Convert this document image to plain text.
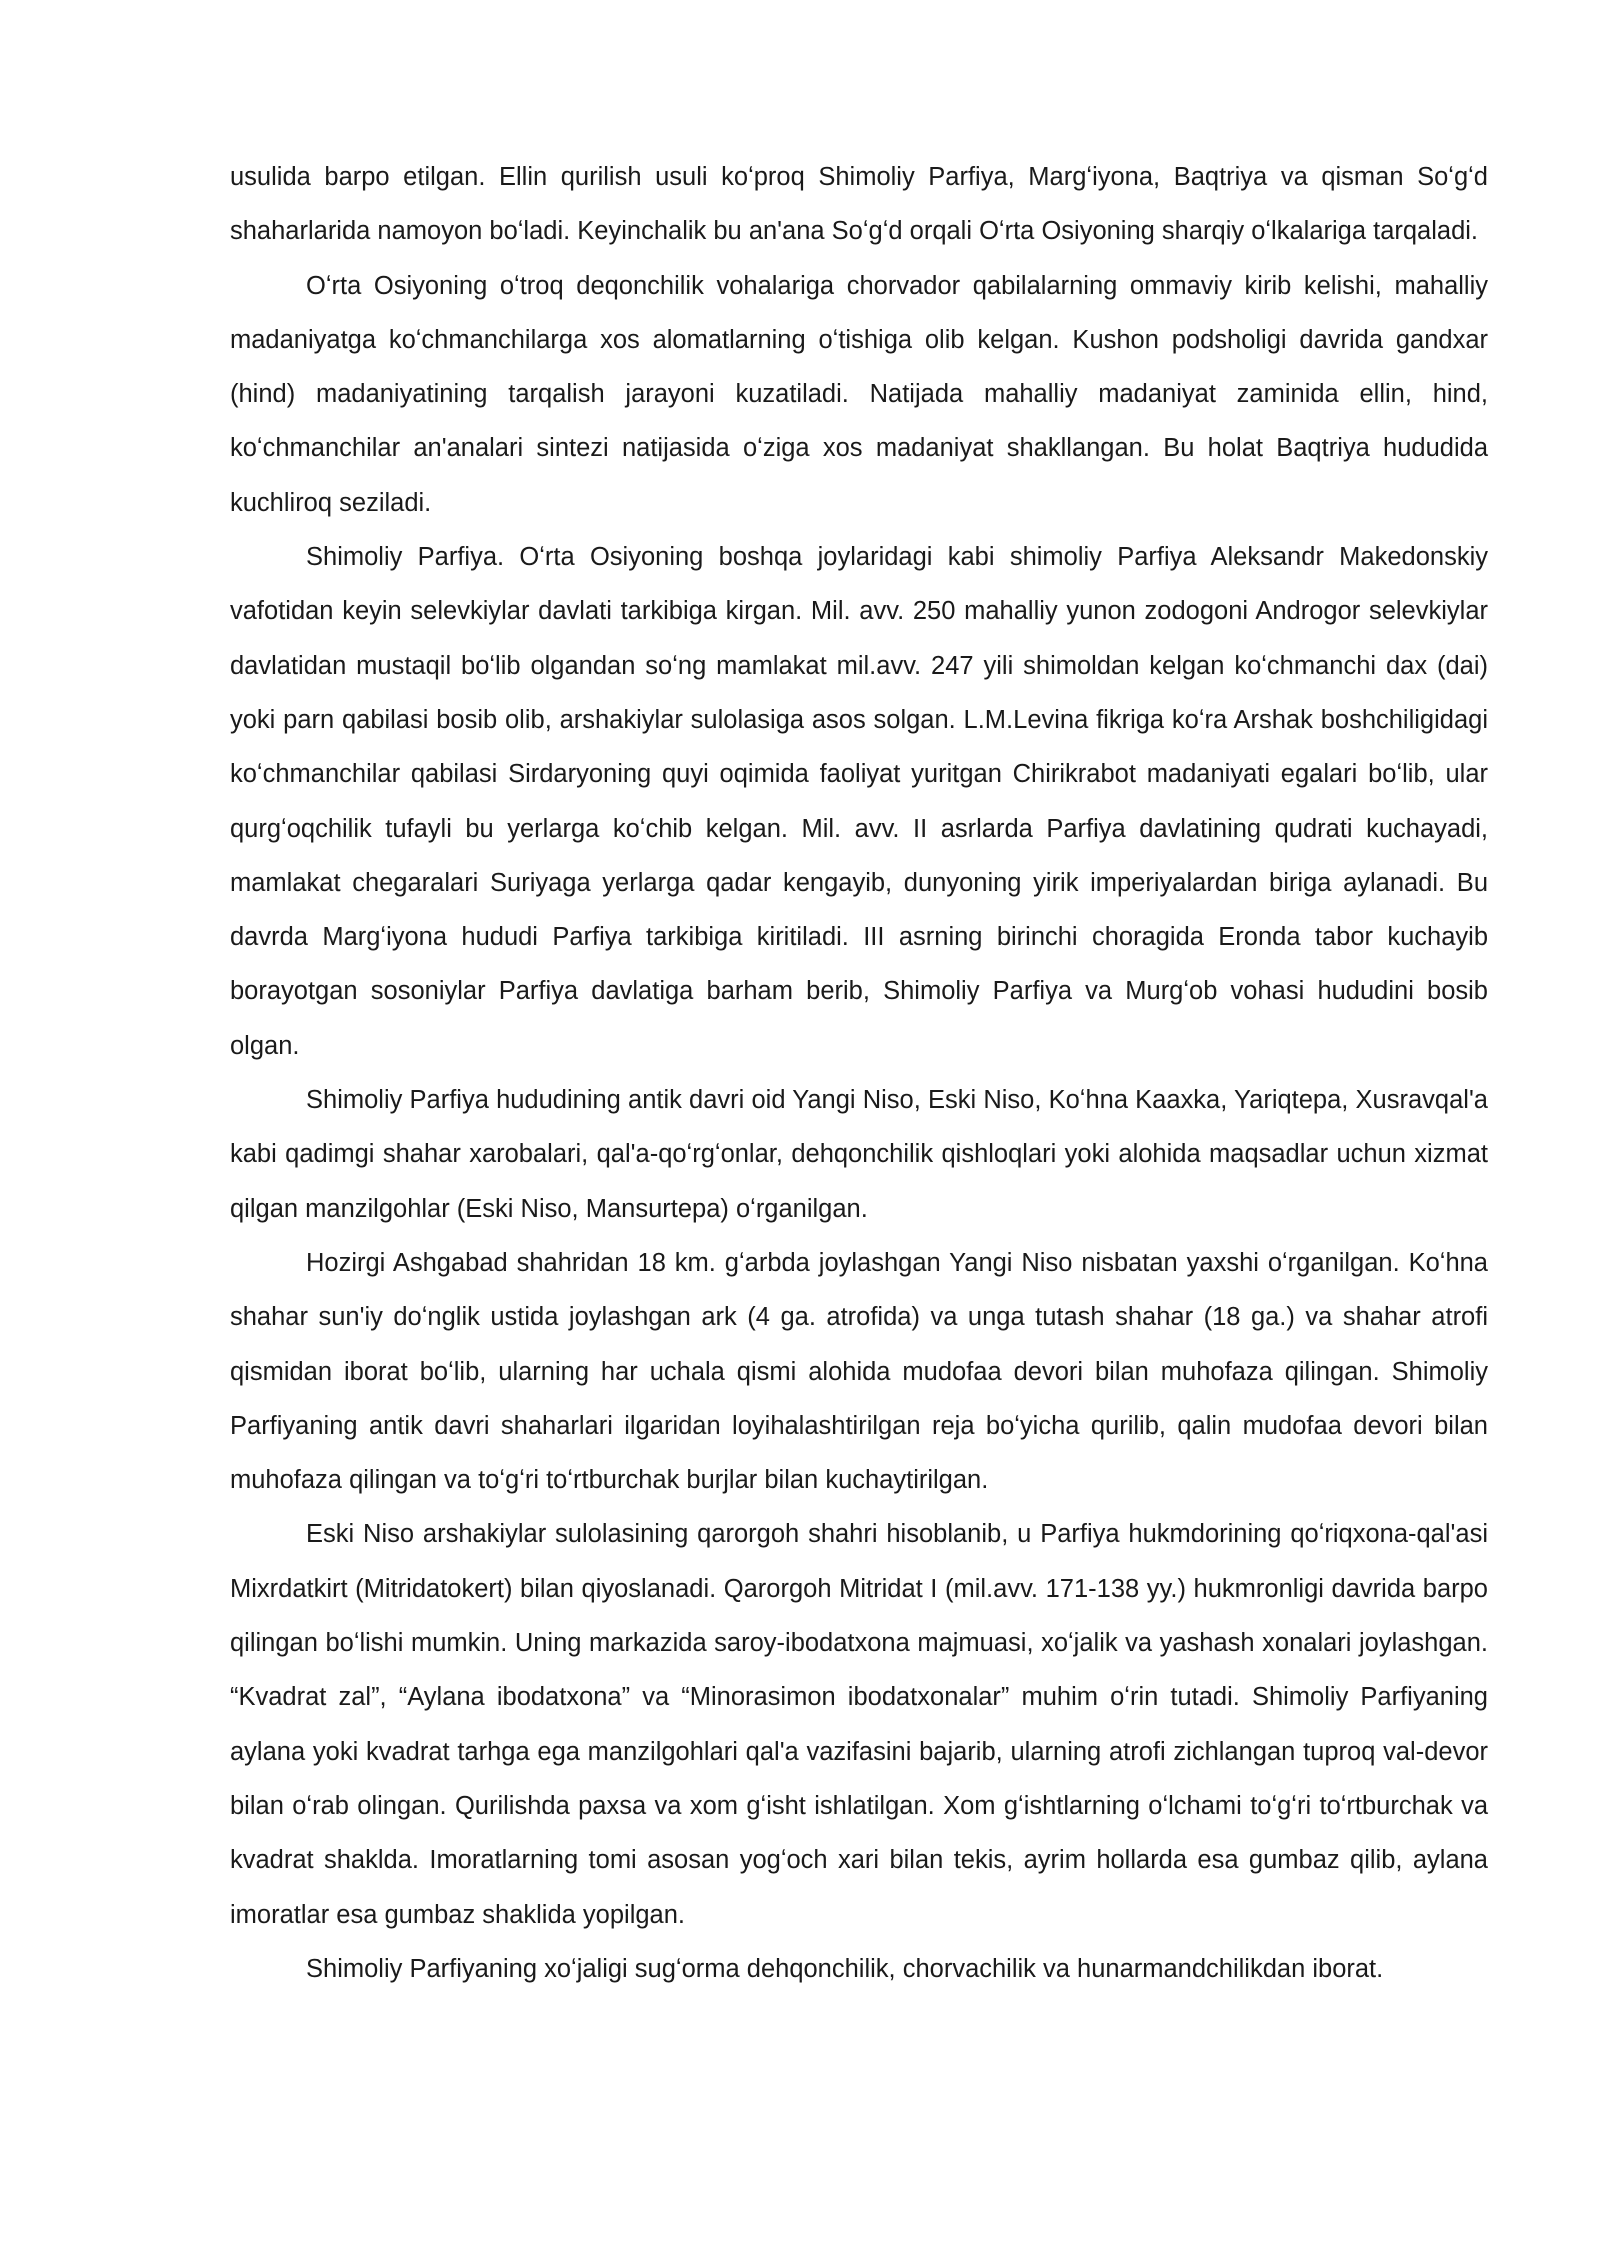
usulida barpo etilgan. Ellin qurilish usuli koʻproq Shimoliy Parfiya, Margʻiyona, Baqtriya va qisman Soʻgʻd shaharlarida namoyon boʻladi. Keyinchalik bu an'ana Soʻgʻd orqali Oʻrta Osiyoning sharqiy oʻlkalariga tarqaladi.

Oʻrta Osiyoning oʻtroq deqonchilik vohalariga chorvador qabilalarning ommaviy kirib kelishi, mahalliy madaniyatga koʻchmanchilarga xos alomatlarning oʻtishiga olib kelgan. Kushon podsholigi davrida gandxar (hind) madaniyatining tarqalish jarayoni kuzatiladi. Natijada mahalliy madaniyat zaminida ellin, hind, koʻchmanchilar an'analari sintezi natijasida oʻziga xos madaniyat shakllangan. Bu holat Baqtriya hududida kuchliroq seziladi.

Shimoliy Parfiya. Oʻrta Osiyoning boshqa joylaridagi kabi shimoliy Parfiya Aleksandr Makedonskiy vafotidan keyin selevkiylar davlati tarkibiga kirgan. Mil. avv. 250 mahalliy yunon zodogoni Androgor selevkiylar davlatidan mustaqil boʻlib olgandan soʻng mamlakat mil.avv. 247 yili shimoldan kelgan koʻchmanchi dax (dai) yoki parn qabilasi bosib olib, arshakiylar sulolasiga asos solgan. L.M.Levina fikriga koʻra Arshak boshchiligidagi koʻchmanchilar qabilasi Sirdaryoning quyi oqimida faoliyat yuritgan Chirikrabot madaniyati egalari boʻlib, ular qurgʻoqchilik tufayli bu yerlarga koʻchib kelgan. Mil. avv. II asrlarda Parfiya davlatining qudrati kuchayadi, mamlakat chegaralari Suriyaga yerlarga qadar kengayib, dunyoning yirik imperiyalardan biriga aylanadi. Bu davrda Margʻiyona hududi Parfiya tarkibiga kiritiladi. III asrning birinchi choragida Eronda tabor kuchayib borayotgan sosoniylar Parfiya davlatiga barham berib, Shimoliy Parfiya va Murgʻob vohasi hududini bosib olgan.

Shimoliy Parfiya hududining antik davri oid Yangi Niso, Eski Niso, Koʻhna Kaaxka, Yariqtepa, Xusravqal'a kabi qadimgi shahar xarobalari, qal'a-qoʻrgʻonlar, dehqonchilik qishloqlari yoki alohida maqsadlar uchun xizmat qilgan manzilgohlar (Eski Niso, Mansurtepa) oʻrganilgan.

Hozirgi Ashgabad shahridan 18 km. gʻarbda joylashgan Yangi Niso nisbatan yaxshi oʻrganilgan. Koʻhna shahar sun'iy doʻnglik ustida joylashgan ark (4 ga. atrofida) va unga tutash shahar (18 ga.) va shahar atrofi qismidan iborat boʻlib, ularning har uchala qismi alohida mudofaa devori bilan muhofaza qilingan. Shimoliy Parfiyaning antik davri shaharlari ilgaridan loyihalashtirilgan reja boʻyicha qurilib, qalin mudofaa devori bilan muhofaza qilingan va toʻgʻri toʻrtburchak burjlar bilan kuchaytirilgan.

Eski Niso arshakiylar sulolasining qarorgoh shahri hisoblanib, u Parfiya hukmdorining qoʻriqxona-qal'asi Mixrdatkirt (Mitridatokert) bilan qiyoslanadi. Qarorgoh Mitridat I (mil.avv. 171-138 yy.) hukmronligi davrida barpo qilingan boʻlishi mumkin. Uning markazida saroy-ibodatxona majmuasi, xoʻjalik va yashash xonalari joylashgan. “Kvadrat zal”, “Aylana ibodatxona” va “Minorasimon ibodatxonalar” muhim oʻrin tutadi. Shimoliy Parfiyaning aylana yoki kvadrat tarhga ega manzilgohlari qal'a vazifasini bajarib, ularning atrofi zichlangan tuproq val-devor bilan oʻrab olingan. Qurilishda paxsa va xom gʻisht ishlatilgan. Xom gʻishtlarning oʻlchami toʻgʻri toʻrtburchak va kvadrat shaklda. Imoratlarning tomi asosan yogʻoch xari bilan tekis, ayrim hollarda esa gumbaz qilib, aylana imoratlar esa gumbaz shaklida yopilgan.

Shimoliy Parfiyaning xoʻjaligi sugʻorma dehqonchilik, chorvachilik va hunarmandchilikdan iborat.
